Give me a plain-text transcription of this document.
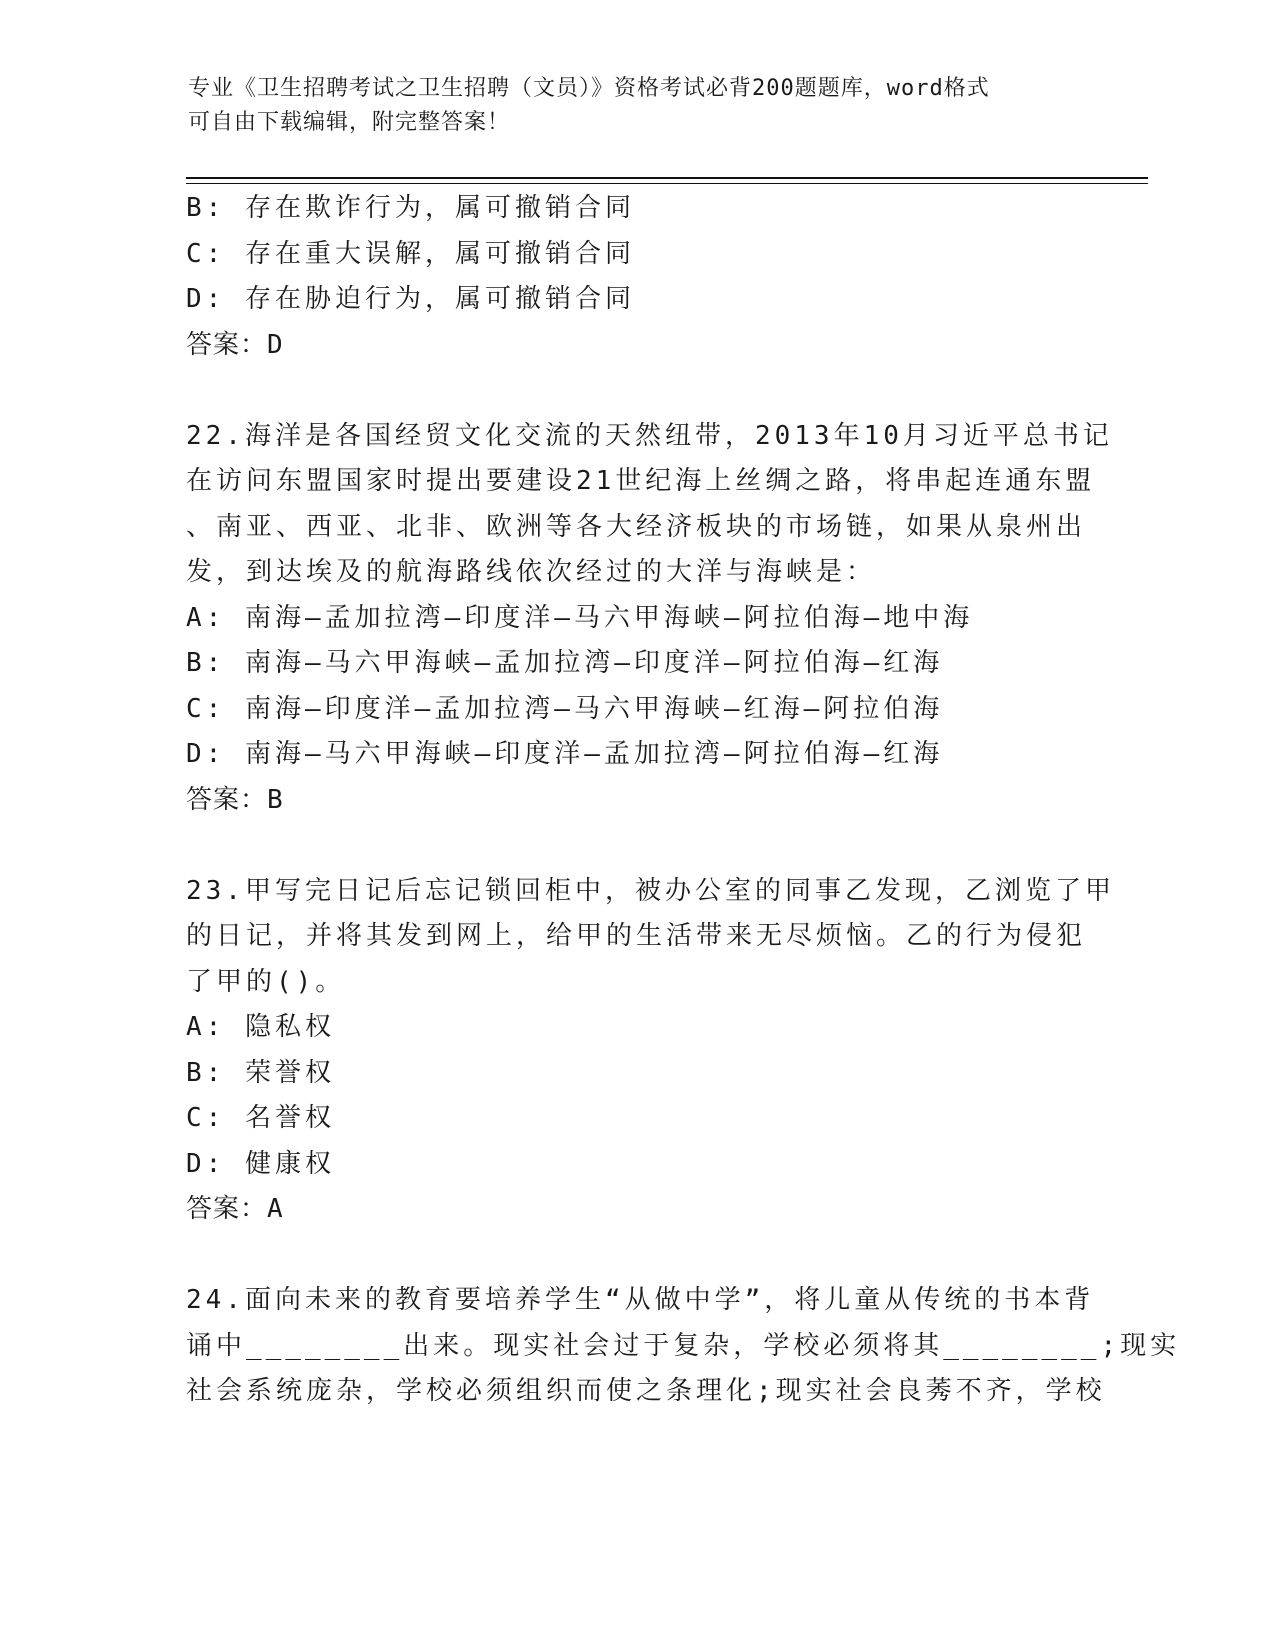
专业《卫生招聘考试之卫生招聘（文员）》资格考试必背200题题库，word格式
可自由下载编辑，附完整答案！
B: 存在欺诈行为，属可撤销合同
C: 存在重大误解，属可撤销合同
D: 存在胁迫行为，属可撤销合同
答案：D
22.海洋是各国经贸文化交流的天然纽带，2013年10月习近平总书记
在访问东盟国家时提出要建设21世纪海上丝绸之路，将串起连通东盟
、南亚、西亚、北非、欧洲等各大经济板块的市场链，如果从泉州出
发，到达埃及的航海路线依次经过的大洋与海峡是：
A: 南海—孟加拉湾—印度洋—马六甲海峡—阿拉伯海—地中海
B: 南海—马六甲海峡—孟加拉湾—印度洋—阿拉伯海—红海
C: 南海—印度洋—孟加拉湾—马六甲海峡—红海—阿拉伯海
D: 南海—马六甲海峡—印度洋—孟加拉湾—阿拉伯海—红海
答案：B
23.甲写完日记后忘记锁回柜中，被办公室的同事乙发现，乙浏览了甲
的日记，并将其发到网上，给甲的生活带来无尽烦恼。乙的行为侵犯
了甲的()。
A: 隐私权
B: 荣誉权
C: 名誉权
D: 健康权
答案：A
24.面向未来的教育要培养学生“从做中学”，将儿童从传统的书本背
诵中________出来。现实社会过于复杂，学校必须将其________;现实
社会系统庞杂，学校必须组织而使之条理化;现实社会良莠不齐，学校
